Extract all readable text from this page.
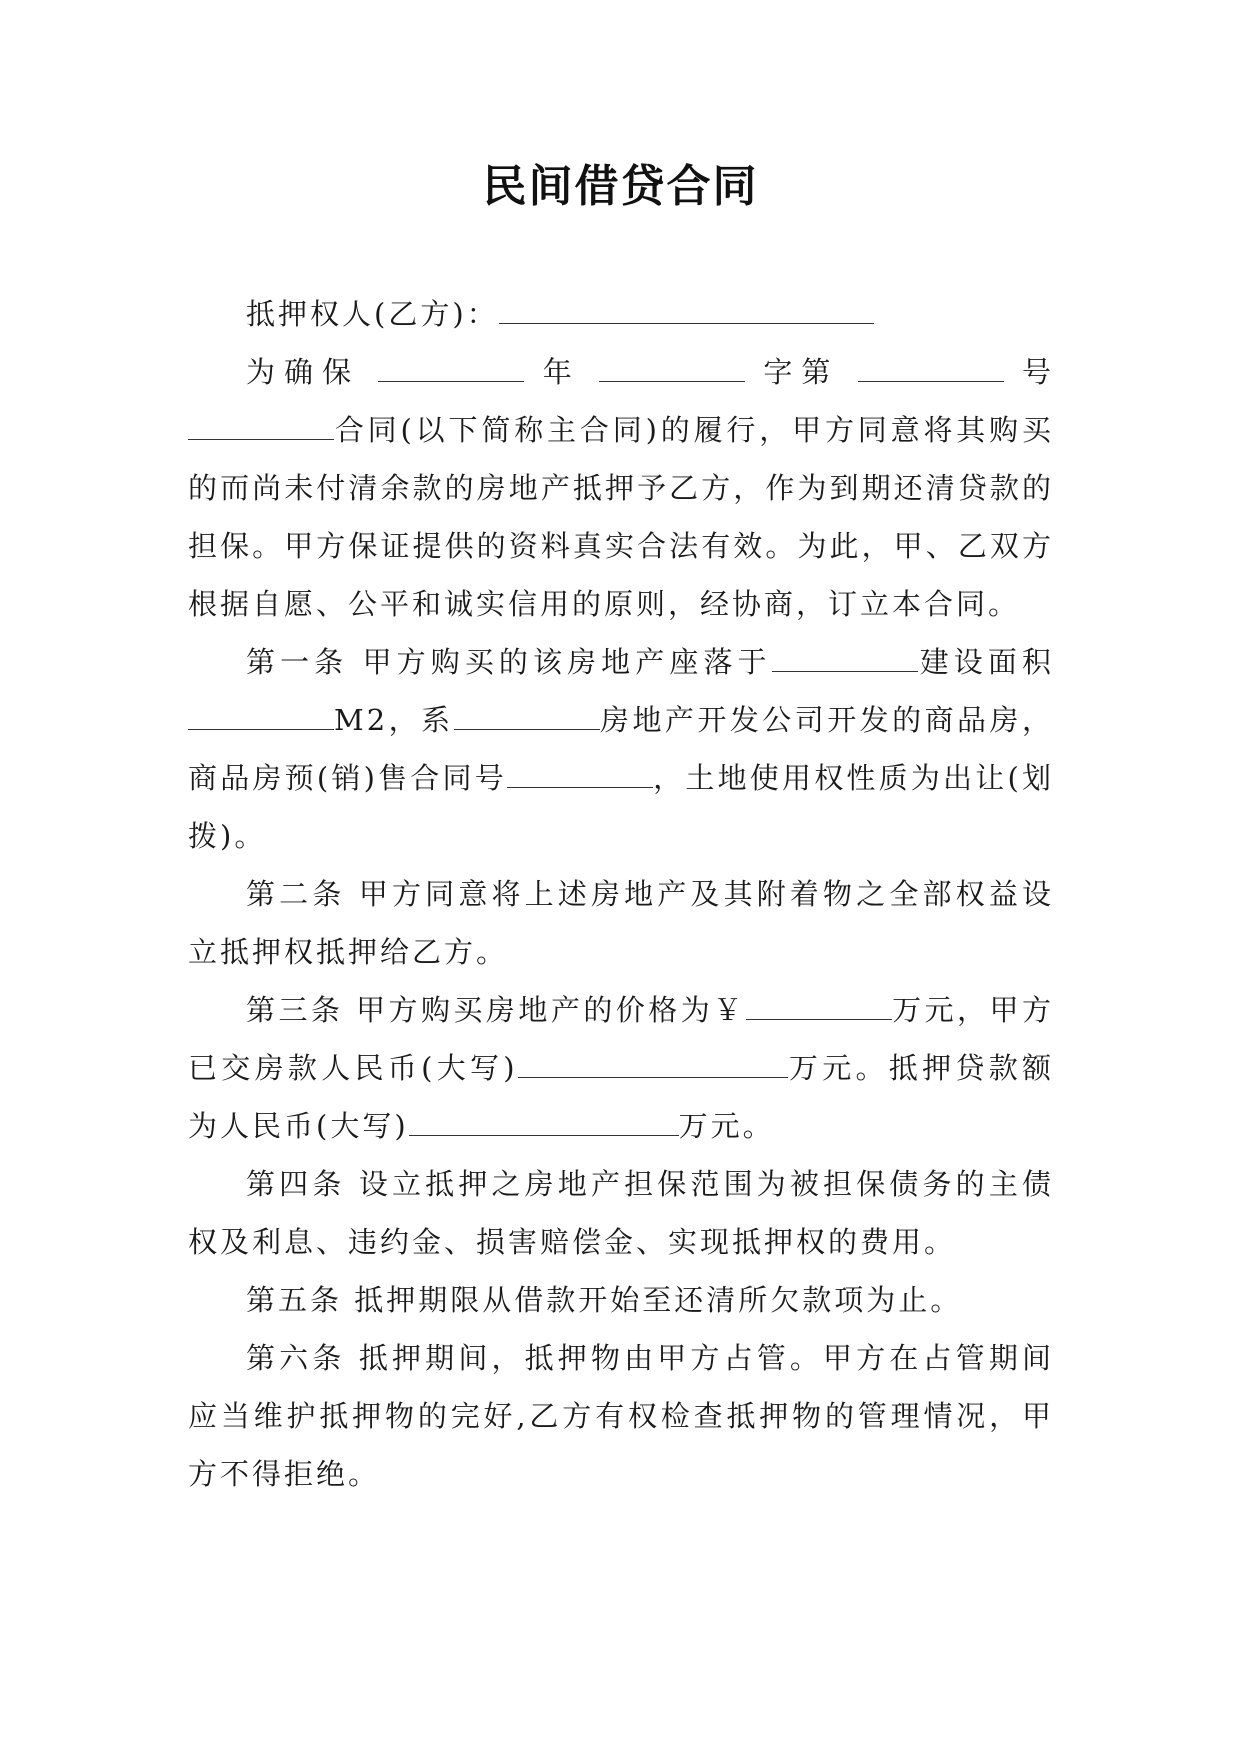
民间借贷合同

抵押权人(乙方)：

为确保	年	字第	号 合同(以下简称主合同)的履行，甲方同意将其购买的而尚未付清余款的房地产抵押予乙方，作为到期还清贷款的担保。甲方保证提供的资料真实合法有效。为此，甲、乙双方根据自愿、公平和诚实信用的原则，经协商，订立本合同。

第一条 甲方购买的该房地产座落于	建设面积M2，系	房地产开发公司开发的商品房，商品房预(销)售合同号	，土地使用权性质为出让(划拨)。

第二条 甲方同意将上述房地产及其附着物之全部权益设立抵押权抵押给乙方。

第三条 甲方购买房地产的价格为￥	万元，甲方已交房款人民币(大写)	万元。抵押贷款额为人民币(大写)	万元。

第四条 设立抵押之房地产担保范围为被担保债务的主债权及利息、违约金、损害赔偿金、实现抵押权的费用。

第五条 抵押期限从借款开始至还清所欠款项为止。

第六条 抵押期间，抵押物由甲方占管。甲方在占管期间应当维护抵押物的完好,乙方有权检查抵押物的管理情况，甲方不得拒绝。
